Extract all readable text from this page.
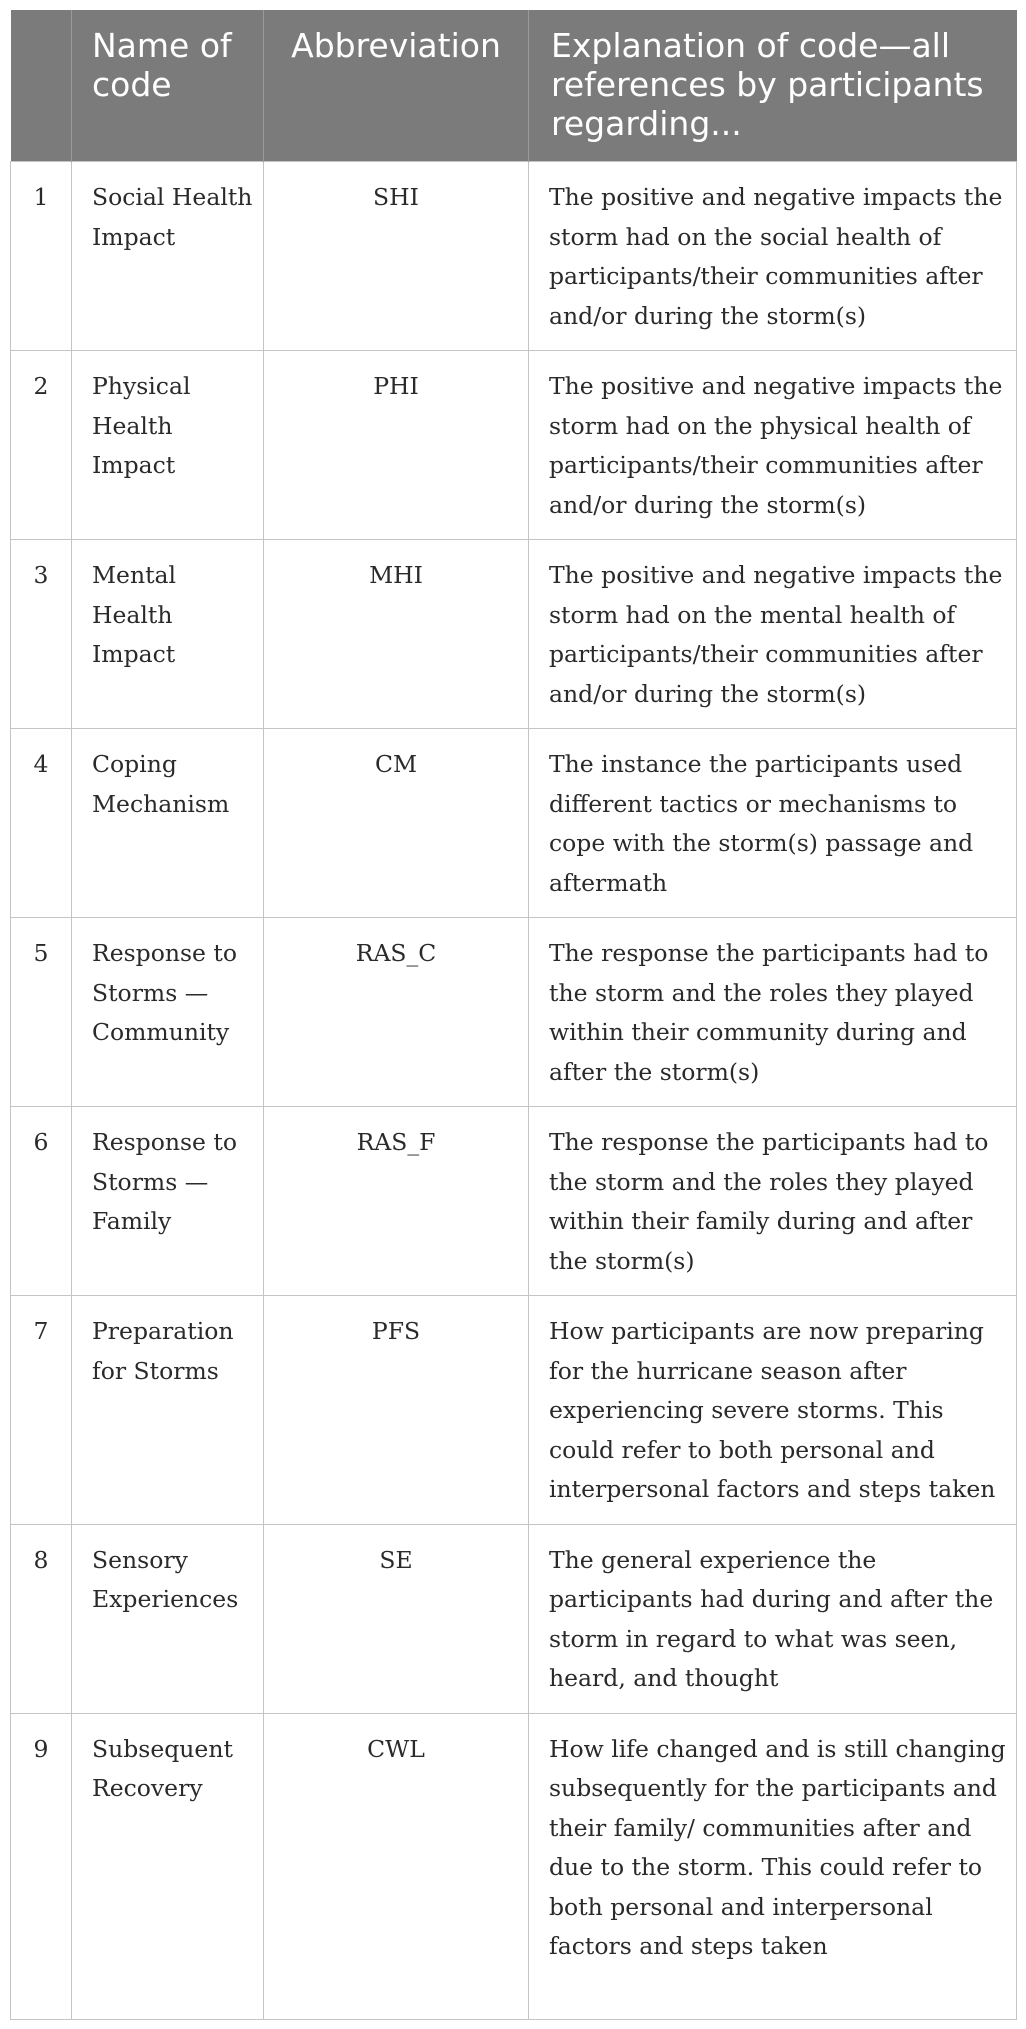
	Name of code	Abbreviation	Explanation of code—all references by participants regarding...
1	Social Health Impact	SHI	The positive and negative impacts the storm had on the social health of participants/their communities after and/or during the storm(s)
2	Physical Health Impact	PHI	The positive and negative impacts the storm had on the physical health of participants/their communities after and/or during the storm(s)
3	Mental Health Impact	MHI	The positive and negative impacts the storm had on the mental health of participants/their communities after and/or during the storm(s)
4	Coping Mechanism	CM	The instance the participants used different tactics or mechanisms to cope with the storm(s) passage and aftermath
5	Response to Storms —Community	RAS_C	The response the participants had to the storm and the roles they played within their community during and after the storm(s)
6	Response to Storms —Family	RAS_F	The response the participants had to the storm and the roles they played within their family during and after the storm(s)
7	Preparation for Storms	PFS	How participants are now preparing for the hurricane season after experiencing severe storms. This could refer to both personal and interpersonal factors and steps taken
8	Sensory Experiences	SE	The general experience the participants had during and after the storm in regard to what was seen, heard, and thought
9	Subsequent Recovery	CWL	How life changed and is still changing subsequently for the participants and their family/ communities after and due to the storm. This could refer to both personal and interpersonal factors and steps taken
